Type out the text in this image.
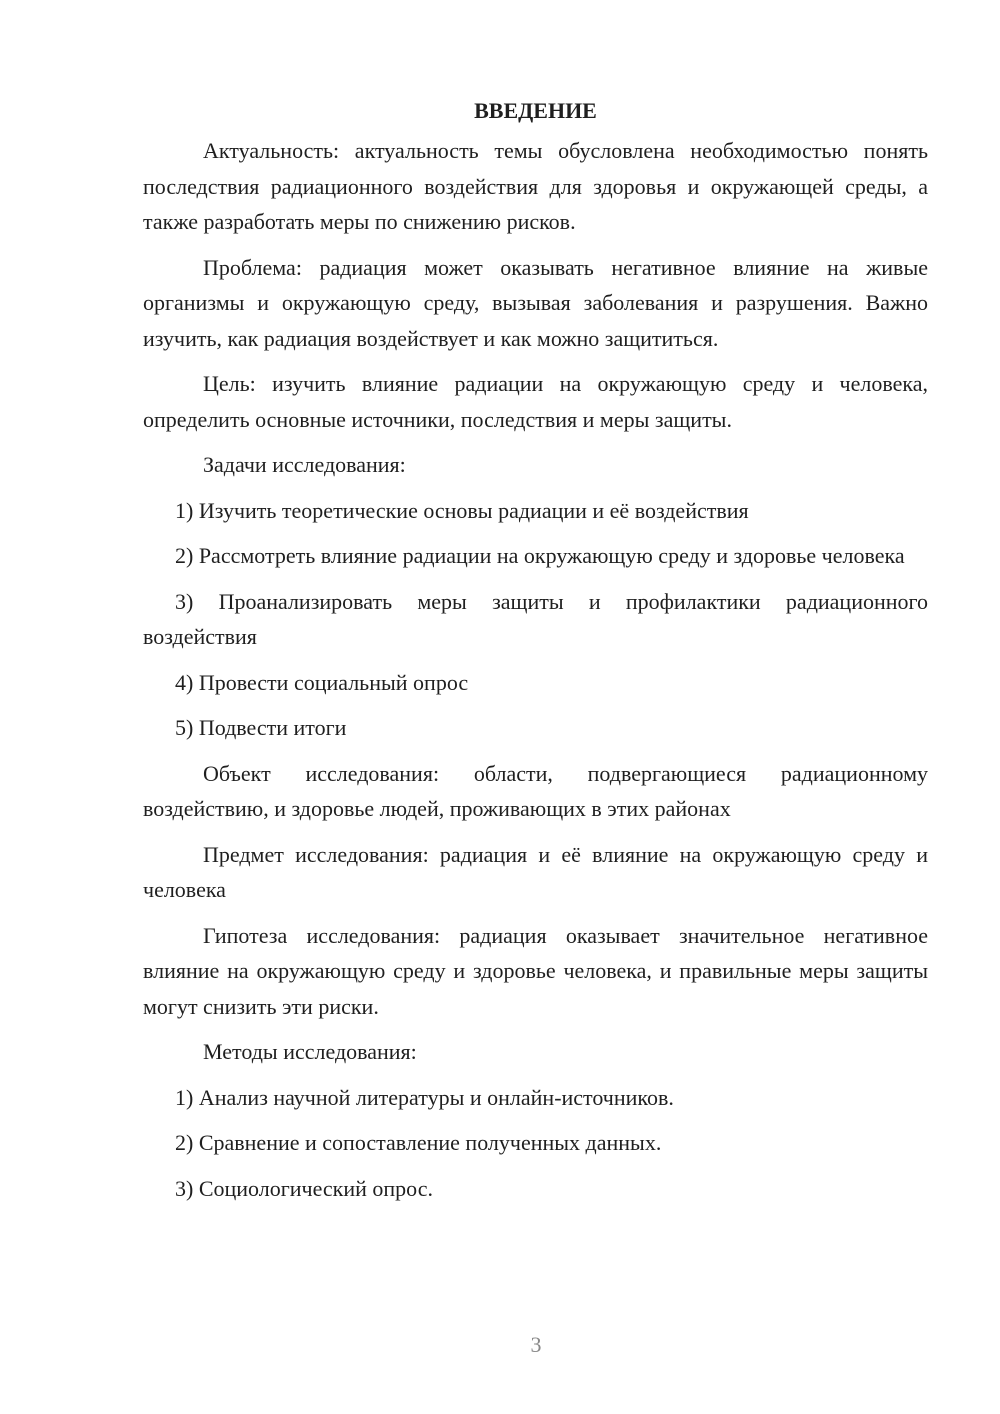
ВВЕДЕНИЕ

Актуальность: актуальность темы обусловлена необходимостью понять последствия радиационного воздействия для здоровья и окружающей среды, а также разработать меры по снижению рисков.

Проблема: радиация может оказывать негативное влияние на живые организмы и окружающую среду, вызывая заболевания и разрушения. Важно изучить, как радиация воздействует и как можно защититься.

Цель: изучить влияние радиации на окружающую среду и человека, определить основные источники, последствия и меры защиты.

Задачи исследования:

1) Изучить теоретические основы радиации и её воздействия

2) Рассмотреть влияние радиации на окружающую среду и здоровье человека

3) Проанализировать меры защиты и профилактики радиационного воздействия

4) Провести социальный опрос

5) Подвести итоги

Объект исследования: области, подвергающиеся радиационному воздействию, и здоровье людей, проживающих в этих районах

Предмет исследования: радиация и её влияние на окружающую среду и человека

Гипотеза исследования: радиация оказывает значительное негативное влияние на окружающую среду и здоровье человека, и правильные меры защиты могут снизить эти риски.

Методы исследования:

1) Анализ научной литературы и онлайн-источников.

2) Сравнение и сопоставление полученных данных.

3) Социологический опрос.

3
